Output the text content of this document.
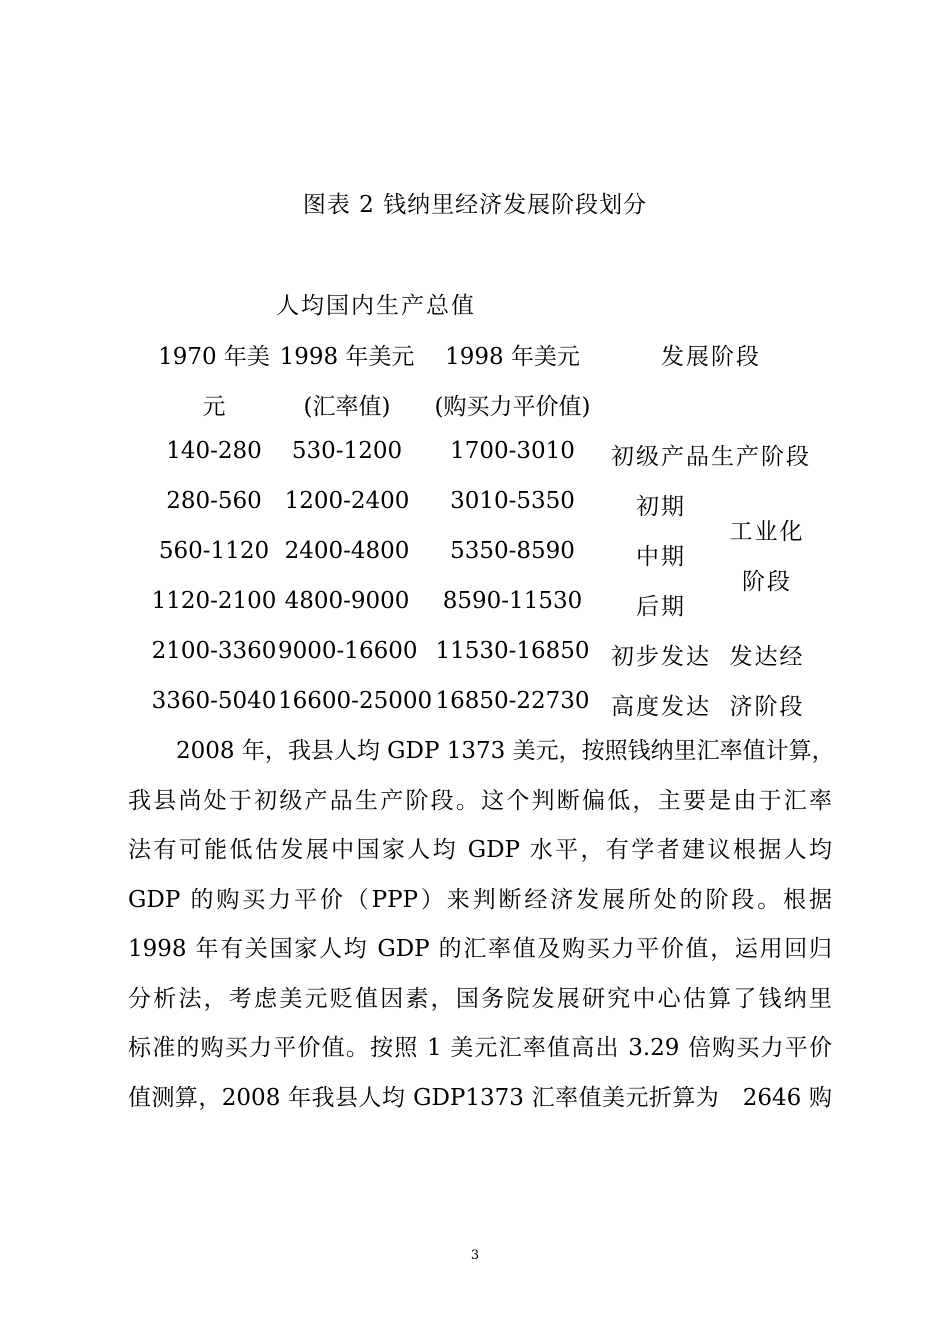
图表 2 钱纳里经济发展阶段划分
人均国内生产总值
1970 年美 1998 年美元	1998 年美元	发展阶段
元	(汇率值)	(购买力平价值)
140-280	530-1200	1700-3010	初级产品生产阶段
280-560 1200-2400	3010-5350	初期
560-1120 2400-4800	5350-8590	中期
1120-2100 4800-9000	8590-11530	后期
工业化
阶段
2100-3360 9000-16600 11530-16850 初步发达 发达经
3360-5040 16600-25000 16850-22730 高度发达 济阶段
2008 年，我县人均 GDP 1373 美元，按照钱纳里汇率值计算，
我县尚处于初级产品生产阶段。这个判断偏低，主要是由于汇率
法有可能低估发展中国家人均 GDP 水平，有学者建议根据人均
GDP 的购买力平价（PPP）来判断经济发展所处的阶段。根据
1998 年有关国家人均 GDP 的汇率值及购买力平价值，运用回归
分析法，考虑美元贬值因素，国务院发展研究中心估算了钱纳里
标准的购买力平价值。按照 1 美元汇率值高出 3.29 倍购买力平价
值测算，2008 年我县人均 GDP1373 汇率值美元折算为　2646 购
3
